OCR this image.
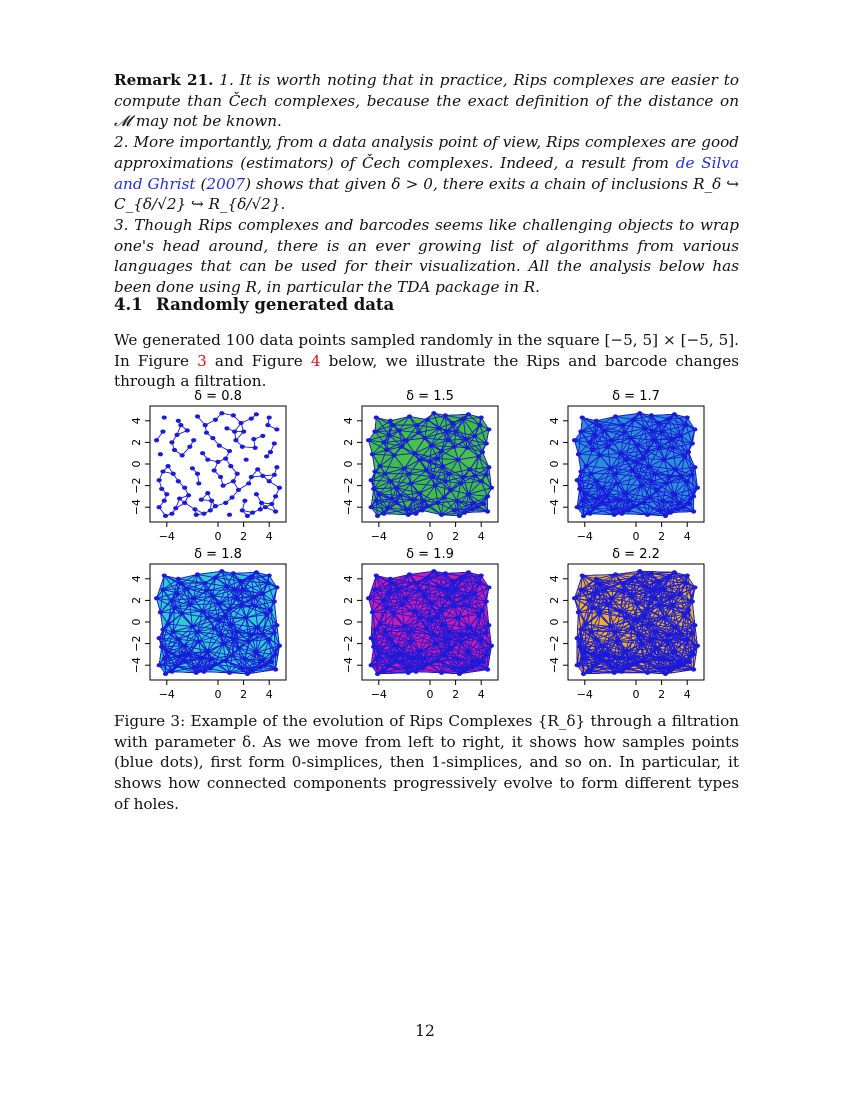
Remark 21. 1. It is worth noting that in practice, Rips complexes are easier to compute than Čech complexes, because the exact definition of the distance on 𝓜 may not be known.

2. More importantly, from a data analysis point of view, Rips complexes are good approximations (estimators) of Čech complexes. Indeed, a result from de Silva and Ghrist (2007) shows that given δ > 0, there exits a chain of inclusions R_δ ↪ C_{δ/√2} ↪ R_{δ/√2}.

3. Though Rips complexes and barcodes seems like challenging objects to wrap one's head around, there is an ever growing list of algorithms from various languages that can be used for their visualization. All the analysis below has been done using R, in particular the TDA package in R.

4.1 Randomly generated data
We generated 100 data points sampled randomly in the square [−5, 5] × [−5, 5]. In Figure 3 and Figure 4 below, we illustrate the Rips and barcode changes through a filtration.
δ = 0.8
−4	0 2 4
−4
−2
0
2
4
δ = 1.5
−4	0 2 4
−4
−2
0
2
4
δ = 1.7
−4	0 2 4
−4
−2
0
2
4
δ = 1.8
−4	0 2 4
−4
−2
0
2
4
δ = 1.9
−4	0 2 4
−4
−2
0
2
4
δ = 2.2
−4	0 2 4
−4
−2
0
2
4
Figure 3: Example of the evolution of Rips Complexes {R_δ} through a filtration with parameter δ. As we move from left to right, it shows how samples points (blue dots), first form 0-simplices, then 1-simplices, and so on. In particular, it shows how connected components progressively evolve to form different types of holes.
12
